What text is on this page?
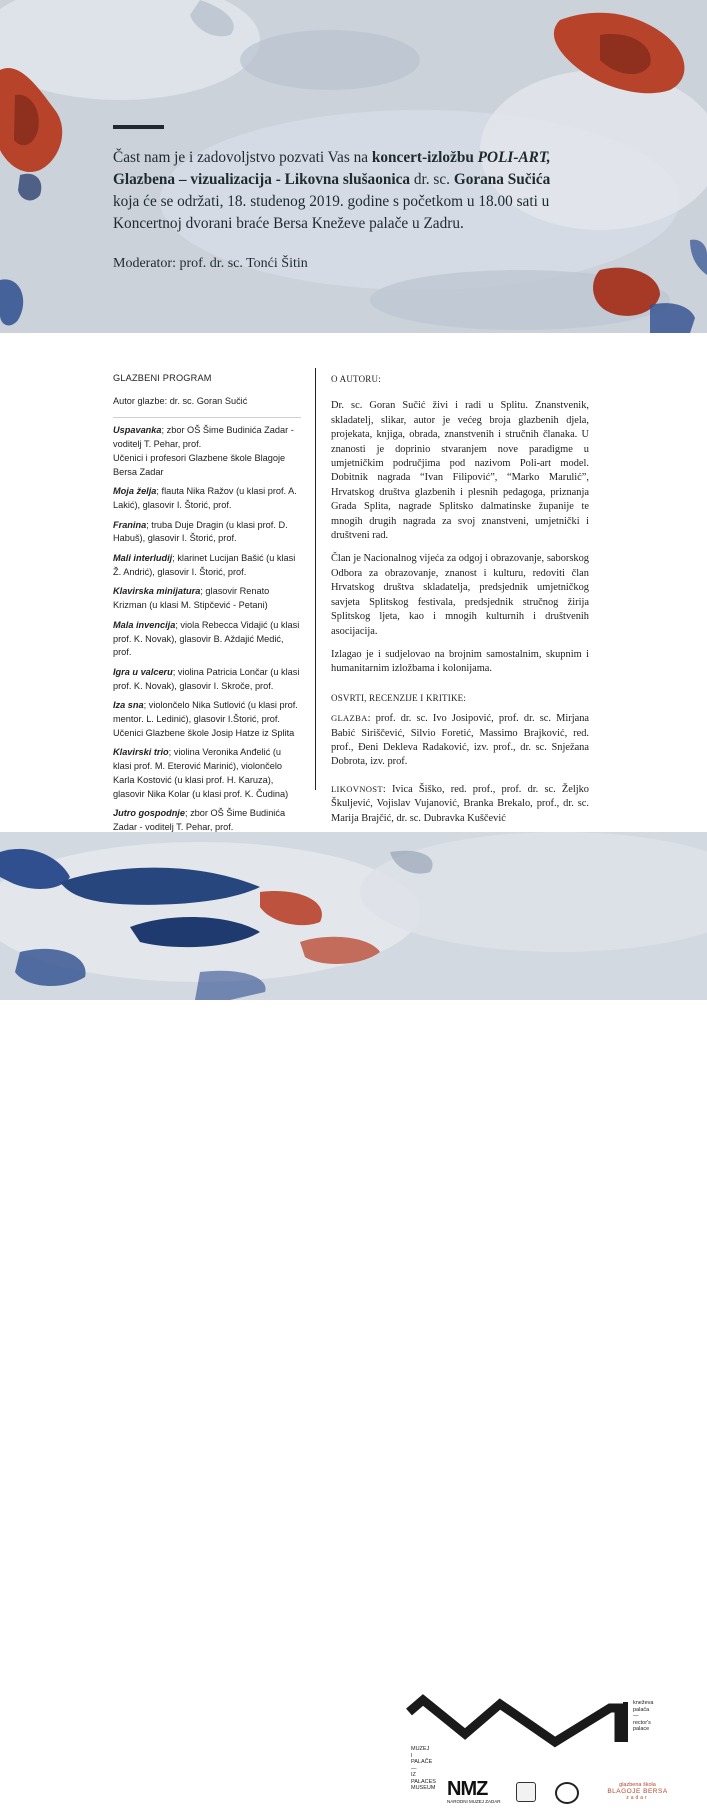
Čast nam je i zadovoljstvo pozvati Vas na koncert-izložbu POLI-ART,
Glazbena – vizualizacija - Likovna slušaonica dr. sc. Gorana Sučića
koja će se održati, 18. studenog 2019. godine s početkom u 18.00 sati u Koncertnoj dvorani braće Bersa Kneževe palače u Zadru.
Moderator: prof. dr. sc. Tonći Šitin
GLAZBENI PROGRAM
Autor glazbe: dr. sc. Goran Sučić
Uspavanka; zbor OŠ Šime Budinića Zadar - voditelj T. Pehar, prof.
Učenici i profesori Glazbene škole Blagoje Bersa Zadar
Moja želja; flauta Nika Ražov (u klasi prof. A. Lakić), glasovir I. Štorić, prof.
Franina; truba Duje Dragin (u klasi prof. D. Habuš), glasovir I. Štorić, prof.
Mali interludij; klarinet Lucijan Bašić (u klasi Ž. Andrić), glasovir I. Štorić, prof.
Klavirska minijatura; glasovir Renato Krizman (u klasi M. Stipčević - Petani)
Mala invencija; viola Rebecca Vidajić (u klasi prof. K. Novak), glasovir B. Aždajić Medić, prof.
Igra u valceru; violina Patricia Lončar (u klasi prof. K. Novak), glasovir I. Skroče, prof.
Iza sna; violončelo Nika Sutlović (u klasi prof. mentor. L. Ledinić), glasovir I.Štorić, prof.
Učenici Glazbene škole Josip Hatze iz Splita
Klavirski trio; violina Veronika Anđelić (u klasi prof. M. Eterović Marinić), violončelo Karla Kostović (u klasi prof. H. Karuza), glasovir Nika Kolar (u klasi prof. K. Čudina)
Jutro gospodnje; zbor OŠ Šime Budinića Zadar - voditelj T. Pehar, prof.
O AUTORU:

Dr. sc. Goran Sučić živi i radi u Splitu. Znanstvenik, skladatelj, slikar, autor je većeg broja glazbenih djela, projekata, knjiga, obrada, znanstvenih i stručnih članaka. U znanosti je doprinio stvaranjem nove paradigme u umjetničkim područjima pod nazivom Poli-art model. Dobitnik nagrada “Ivan Filipović”, “Marko Marulić”, Hrvatskog društva glazbenih i plesnih pedagoga, priznanja Grada Splita, nagrade Splitsko dalmatinske županije te mnogih drugih nagrada za svoj znanstveni, umjetnički i društveni rad.

Član je Nacionalnog vijeća za odgoj i obrazovanje, saborskog Odbora za obrazovanje, znanost i kulturu, redoviti član Hrvatskog društva skladatelja, predsjednik umjetničkog savjeta Splitskog festivala, predsjednik stručnog žirija Splitskog ljeta, kao i mnogih kulturnih i društvenih asocijacija.

Izlagao je i sudjelovao na brojnim samostalnim, skupnim i humanitarnim izložbama i kolonijama.

OSVRTI, RECENZIJE I KRITIKE:

GLAZBA: prof. dr. sc. Ivo Josipović, prof. dr. sc. Mirjana Babić Siriščević, Silvio Foretić, Massimo Brajković, red. prof., Đeni Dekleva Radaković, izv. prof., dr. sc. Snježana Dobrota, izv. prof.

LIKOVNOST: Ivica Šiško, red. prof., prof. dr. sc. Željko Škuljević, Vojislav Vujanović, Branka Brekalo, prof., dr. sc. Marija Brajčić, dr. sc. Dubravka Kuščević

MUZEJ
I
PALAČE
—
IZ
PALACES
MUSEUM
kneževa
palača
—
rector's
palace
NMZ
NARODNI MUZEJ ZADAR
glazbena škola
BLAGOJE BERSA
zadar
